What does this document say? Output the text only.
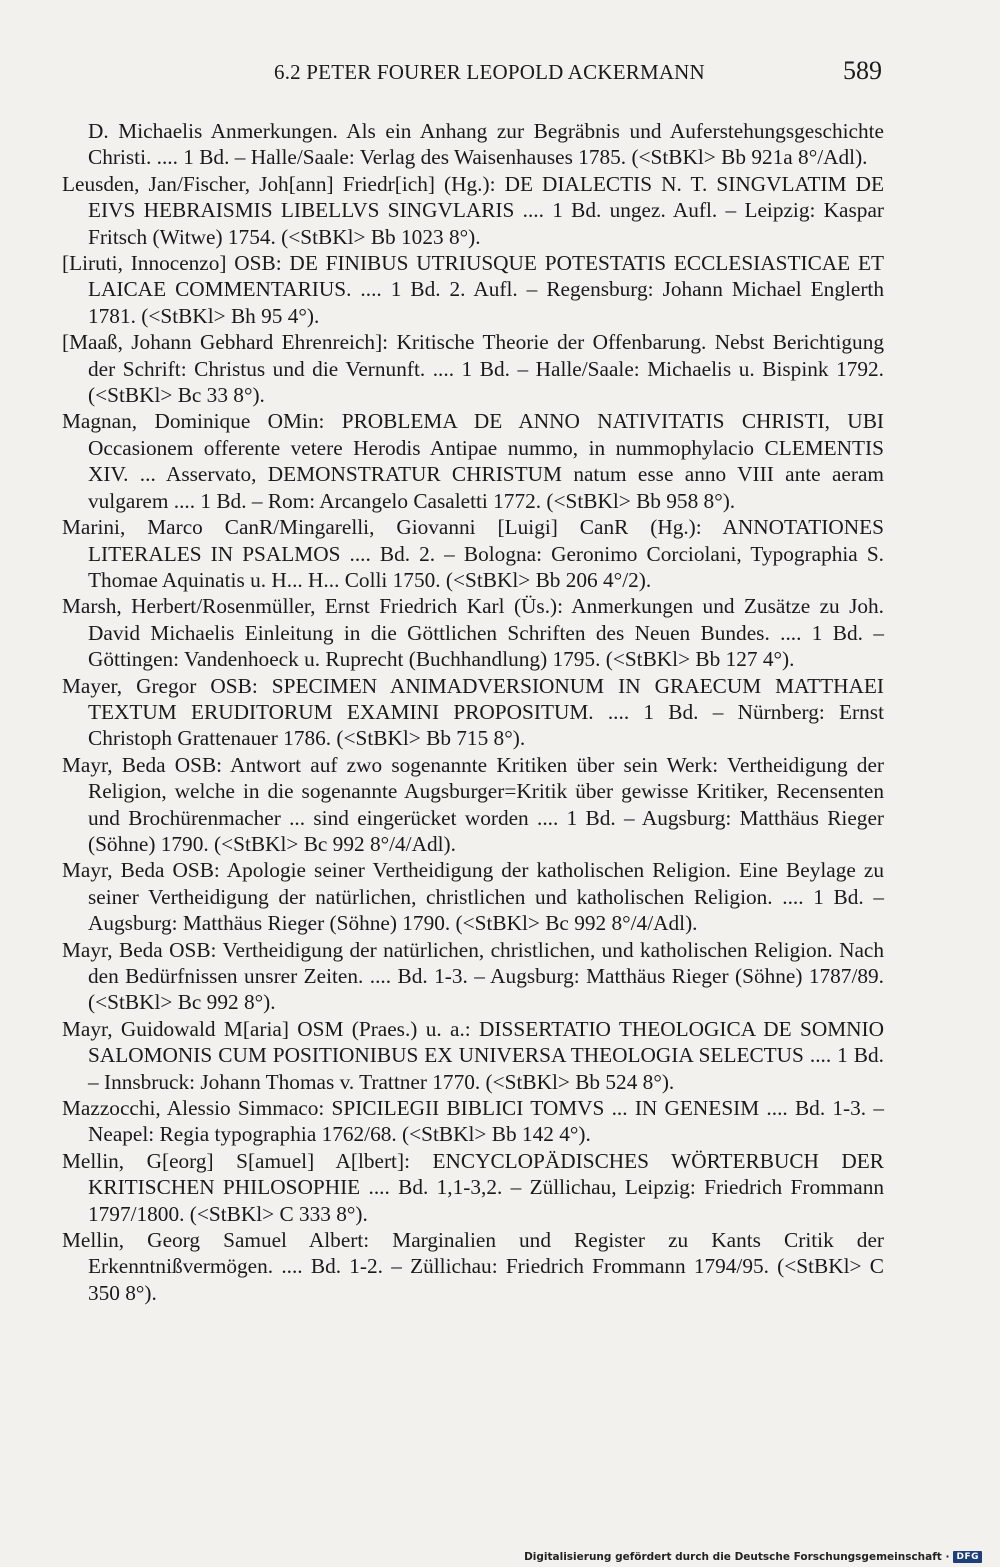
6.2 PETER FOURER LEOPOLD ACKERMANN	589

D. Michaelis Anmerkungen. Als ein Anhang zur Begräbnis und Auferstehungsgeschichte Christi. .... 1 Bd. – Halle/Saale: Verlag des Waisenhauses 1785. (<StBKl> Bb 921a 8°/Adl).

Leusden, Jan/Fischer, Joh[ann] Friedr[ich] (Hg.): DE DIALECTIS N. T. SINGVLATIM DE EIVS HEBRAISMIS LIBELLVS SINGVLARIS .... 1 Bd. ungez. Aufl. – Leipzig: Kaspar Fritsch (Witwe) 1754. (<StBKl> Bb 1023 8°).

[Liruti, Innocenzo] OSB: DE FINIBUS UTRIUSQUE POTESTATIS ECCLESIASTICAE ET LAICAE COMMENTARIUS. .... 1 Bd. 2. Aufl. – Regensburg: Johann Michael Englerth 1781. (<StBKl> Bh 95 4°).

[Maaß, Johann Gebhard Ehrenreich]: Kritische Theorie der Offenbarung. Nebst Berichtigung der Schrift: Christus und die Vernunft. .... 1 Bd. – Halle/Saale: Michaelis u. Bispink 1792. (<StBKl> Bc 33 8°).

Magnan, Dominique OMin: PROBLEMA DE ANNO NATIVITATIS CHRISTI, UBI Occasionem offerente vetere Herodis Antipae nummo, in nummophylacio CLEMENTIS XIV. ... Asservato, DEMONSTRATUR CHRISTUM natum esse anno VIII ante aeram vulgarem .... 1 Bd. – Rom: Arcangelo Casaletti 1772. (<StBKl> Bb 958 8°).

Marini, Marco CanR/Mingarelli, Giovanni [Luigi] CanR (Hg.): ANNOTATIONES LITERALES IN PSALMOS .... Bd. 2. – Bologna: Geronimo Corciolani, Typographia S. Thomae Aquinatis u. H... H... Colli 1750. (<StBKl> Bb 206 4°/2).

Marsh, Herbert/Rosenmüller, Ernst Friedrich Karl (Üs.): Anmerkungen und Zusätze zu Joh. David Michaelis Einleitung in die Göttlichen Schriften des Neuen Bundes. .... 1 Bd. – Göttingen: Vandenhoeck u. Ruprecht (Buchhandlung) 1795. (<StBKl> Bb 127 4°).

Mayer, Gregor OSB: SPECIMEN ANIMADVERSIONUM IN GRAECUM MATTHAEI TEXTUM ERUDITORUM EXAMINI PROPOSITUM. .... 1 Bd. – Nürnberg: Ernst Christoph Grattenauer 1786. (<StBKl> Bb 715 8°).

Mayr, Beda OSB: Antwort auf zwo sogenannte Kritiken über sein Werk: Vertheidigung der Religion, welche in die sogenannte Augsburger=Kritik über gewisse Kritiker, Recensenten und Brochürenmacher ... sind eingerücket worden .... 1 Bd. – Augsburg: Matthäus Rieger (Söhne) 1790. (<StBKl> Bc 992 8°/4/Adl).

Mayr, Beda OSB: Apologie seiner Vertheidigung der katholischen Religion. Eine Beylage zu seiner Vertheidigung der natürlichen, christlichen und katholischen Religion. .... 1 Bd. – Augsburg: Matthäus Rieger (Söhne) 1790. (<StBKl> Bc 992 8°/4/Adl).

Mayr, Beda OSB: Vertheidigung der natürlichen, christlichen, und katholischen Religion. Nach den Bedürfnissen unsrer Zeiten. .... Bd. 1-3. – Augsburg: Matthäus Rieger (Söhne) 1787/89. (<StBKl> Bc 992 8°).

Mayr, Guidowald M[aria] OSM (Praes.) u. a.: DISSERTATIO THEOLOGICA DE SOMNIO SALOMONIS CUM POSITIONIBUS EX UNIVERSA THEOLOGIA SELECTUS .... 1 Bd. – Innsbruck: Johann Thomas v. Trattner 1770. (<StBKl> Bb 524 8°).

Mazzocchi, Alessio Simmaco: SPICILEGII BIBLICI TOMVS ... IN GENESIM .... Bd. 1-3. – Neapel: Regia typographia 1762/68. (<StBKl> Bb 142 4°).

Mellin, G[eorg] S[amuel] A[lbert]: ENCYCLOPÄDISCHES WÖRTERBUCH DER KRITISCHEN PHILOSOPHIE .... Bd. 1,1-3,2. – Züllichau, Leipzig: Friedrich Frommann 1797/1800. (<StBKl> C 333 8°).

Mellin, Georg Samuel Albert: Marginalien und Register zu Kants Critik der Erkenntnißvermögen. .... Bd. 1-2. – Züllichau: Friedrich Frommann 1794/95. (<StBKl> C 350 8°).

Digitalisierung gefördert durch die Deutsche Forschungsgemeinschaft · DFG
